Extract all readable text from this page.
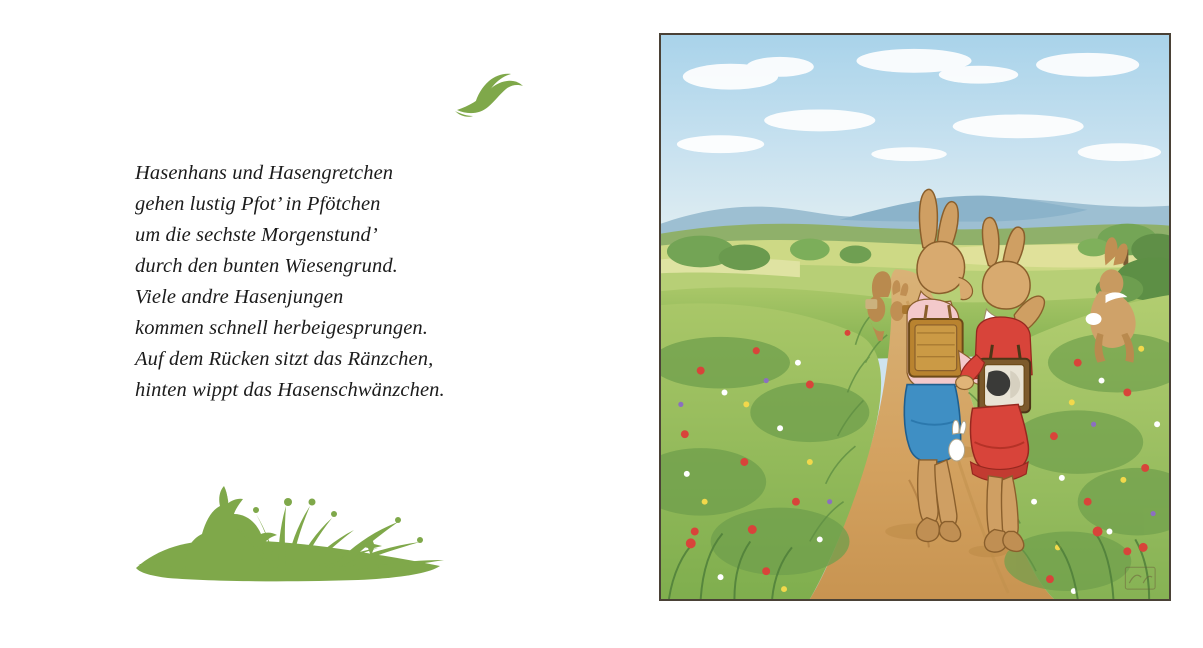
Hasenhans und Hasengretchen
gehen lustig Pfot’ in Pfötchen
um die sechste Morgenstund’
durch den bunten Wiesengrund.
Viele andre Hasenjungen
kommen schnell herbeigesprungen.
Auf dem Rücken sitzt das Ränzchen,
hinten wippt das Hasenschwänzchen.
